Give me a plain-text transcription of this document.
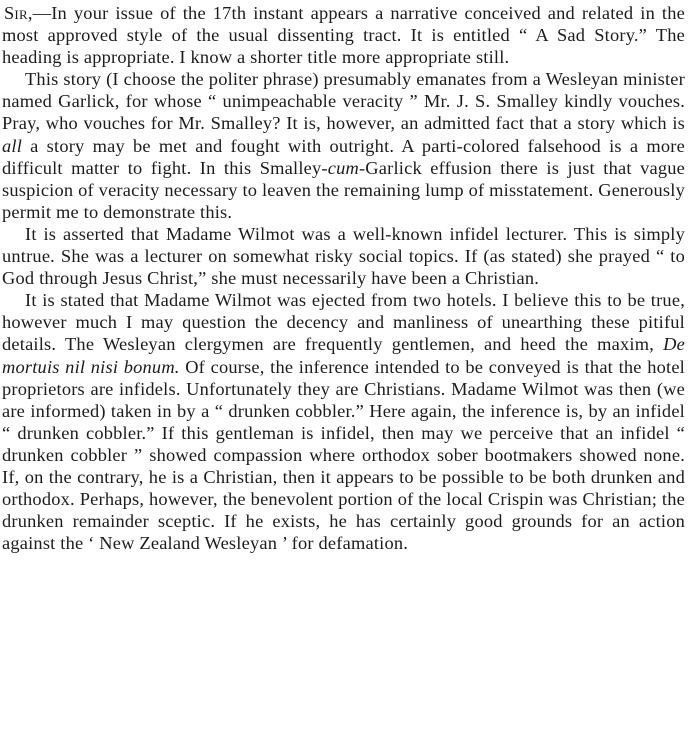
Sir,—In your issue of the 17th instant appears a narrative conceived and related in the most approved style of the usual dissenting tract. It is entitled “ A Sad Story.” The heading is appropriate. I know a shorter title more appropriate still.

This story (I choose the politer phrase) presumably emanates from a Wesleyan minister named Garlick, for whose “ unimpeachable veracity ” Mr. J. S. Smalley kindly vouches. Pray, who vouches for Mr. Smalley? It is, however, an admitted fact that a story which is all a story may be met and fought with outright. A parti-colored falsehood is a more difficult matter to fight. In this Smalley-cum-Garlick effusion there is just that vague suspicion of veracity necessary to leaven the remaining lump of misstatement. Generously permit me to demonstrate this.

It is asserted that Madame Wilmot was a well-known infidel lecturer. This is simply untrue. She was a lecturer on somewhat risky social topics. If (as stated) she prayed “ to God through Jesus Christ,” she must necessarily have been a Christian.

It is stated that Madame Wilmot was ejected from two hotels. I believe this to be true, however much I may question the decency and manliness of unearthing these pitiful details. The Wesleyan clergymen are frequently gentlemen, and heed the maxim, De mortuis nil nisi bonum. Of course, the inference intended to be conveyed is that the hotel proprietors are infidels. Unfortunately they are Christians. Madame Wilmot was then (we are informed) taken in by a “ drunken cobbler.” Here again, the inference is, by an infidel “ drunken cobbler.” If this gentleman is infidel, then may we perceive that an infidel “ drunken cobbler ” showed compassion where orthodox sober bootmakers showed none. If, on the contrary, he is a Christian, then it appears to be possible to be both drunken and orthodox. Perhaps, however, the benevolent portion of the local Crispin was Christian; the drunken remainder sceptic. If he exists, he has certainly good grounds for an action against the ‘ New Zealand Wesleyan ’ for defamation.
